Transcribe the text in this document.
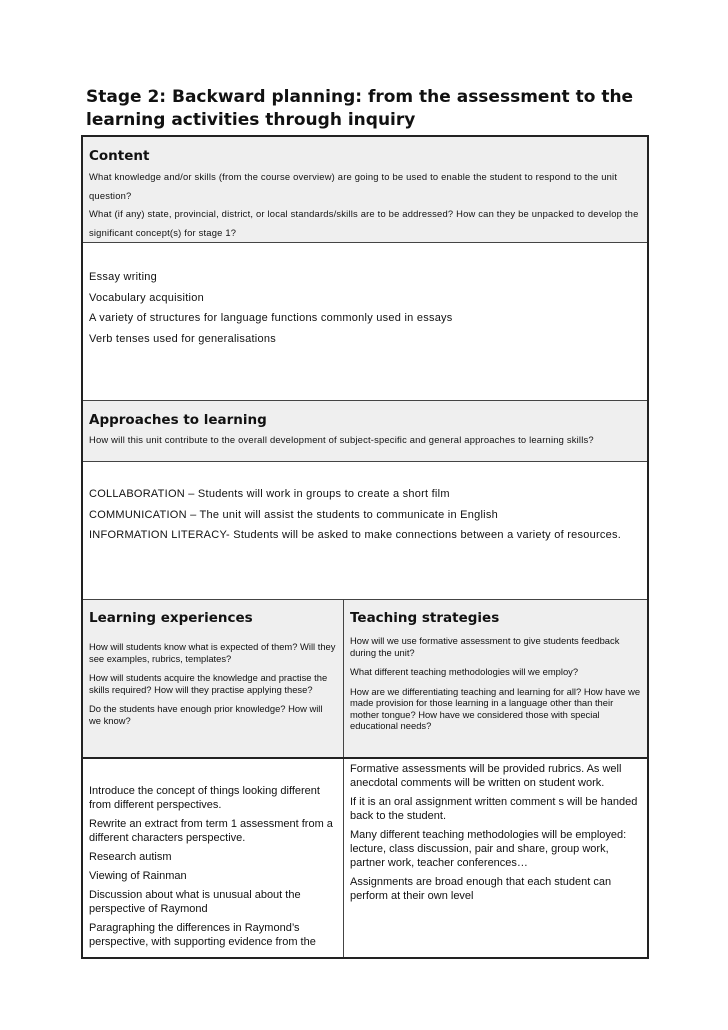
Stage 2: Backward planning: from the assessment to the learning activities through inquiry
Content

What knowledge and/or skills (from the course overview) are going to be used to enable the student to respond to the unit question?

What (if any) state, provincial, district, or local standards/skills are to be addressed? How can they be unpacked to develop the significant concept(s) for stage 1?

Essay writing

Vocabulary acquisition

A variety of structures for language functions commonly used in essays

Verb tenses used for generalisations

Approaches to learning
How will this unit contribute to the overall development of subject-specific and general approaches to learning skills?

COLLABORATION – Students will work in groups to create a short film

COMMUNICATION – The unit will assist the students to communicate in English

INFORMATION LITERACY- Students will be asked to make connections between a variety of resources.

Learning experiences

How will students know what is expected of them? Will they see examples, rubrics, templates?

How will students acquire the knowledge and practise the skills required? How will they practise applying these?

Do the students have enough prior knowledge? How will we know?

Teaching strategies

How will we use formative assessment to give students feedback during the unit?

What different teaching methodologies will we employ?

How are we differentiating teaching and learning for all? How have we made provision for those learning in a language other than their mother tongue? How have we considered those with special educational needs?

Introduce the concept of things looking different from different perspectives.

Rewrite an extract from term 1 assessment from a different characters perspective.

Research autism

Viewing of Rainman

Discussion about what is unusual about the perspective of Raymond

Paragraphing the differences in Raymond’s perspective, with supporting evidence from the

Formative assessments will be provided rubrics. As well anecdotal comments will be written on student work.

If it is an oral assignment written comment s will be handed back to the student.

Many different teaching methodologies will be employed: lecture, class discussion, pair and share, group work, partner work, teacher conferences…

Assignments are broad enough that each student can perform at their own level
